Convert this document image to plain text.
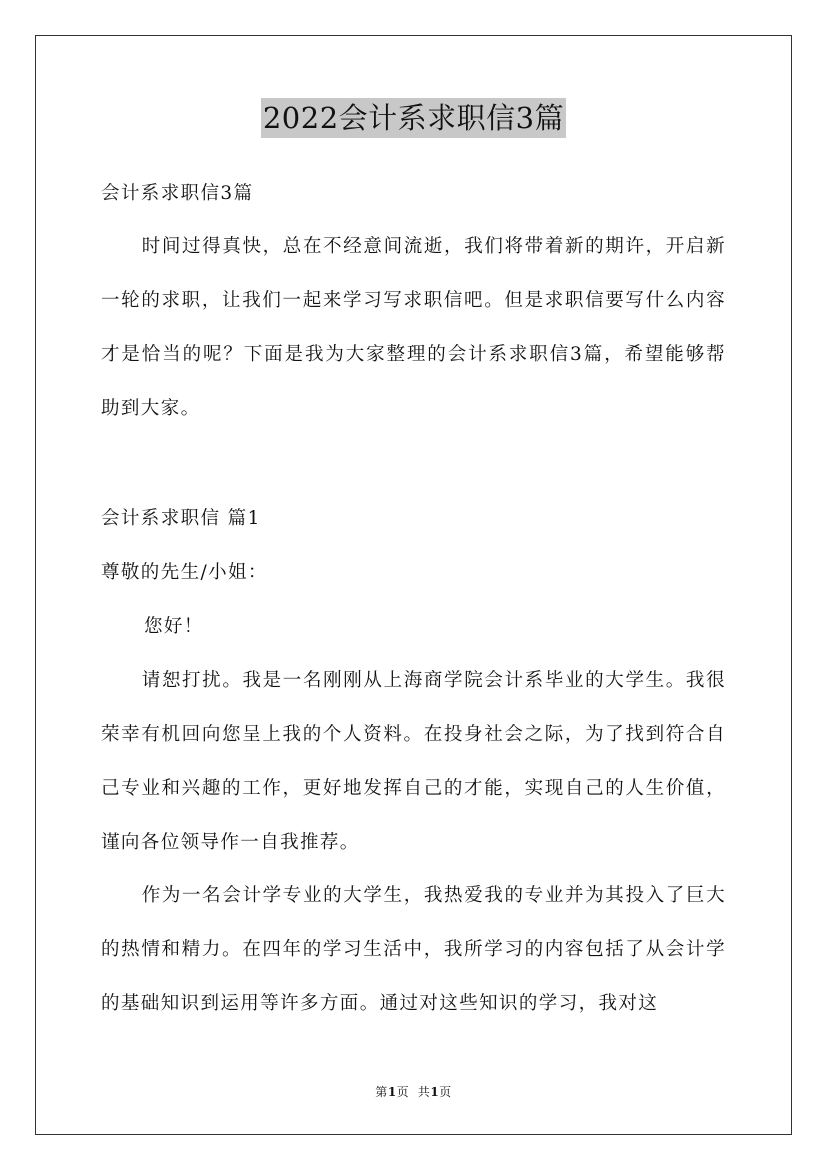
2022会计系求职信3篇
会计系求职信3篇
时间过得真快，总在不经意间流逝，我们将带着新的期许，开启新一轮的求职，让我们一起来学习写求职信吧。但是求职信要写什么内容才是恰当的呢？下面是我为大家整理的会计系求职信3篇，希望能够帮助到大家。
会计系求职信 篇1
尊敬的先生/小姐：
您好！
请恕打扰。我是一名刚刚从上海商学院会计系毕业的大学生。我很荣幸有机回向您呈上我的个人资料。在投身社会之际，为了找到符合自己专业和兴趣的工作，更好地发挥自己的才能，实现自己的人生价值，谨向各位领导作一自我推荐。
作为一名会计学专业的大学生，我热爱我的专业并为其投入了巨大的热情和精力。在四年的学习生活中，我所学习的内容包括了从会计学的基础知识到运用等许多方面。通过对这些知识的学习，我对这
第1页  共1页
